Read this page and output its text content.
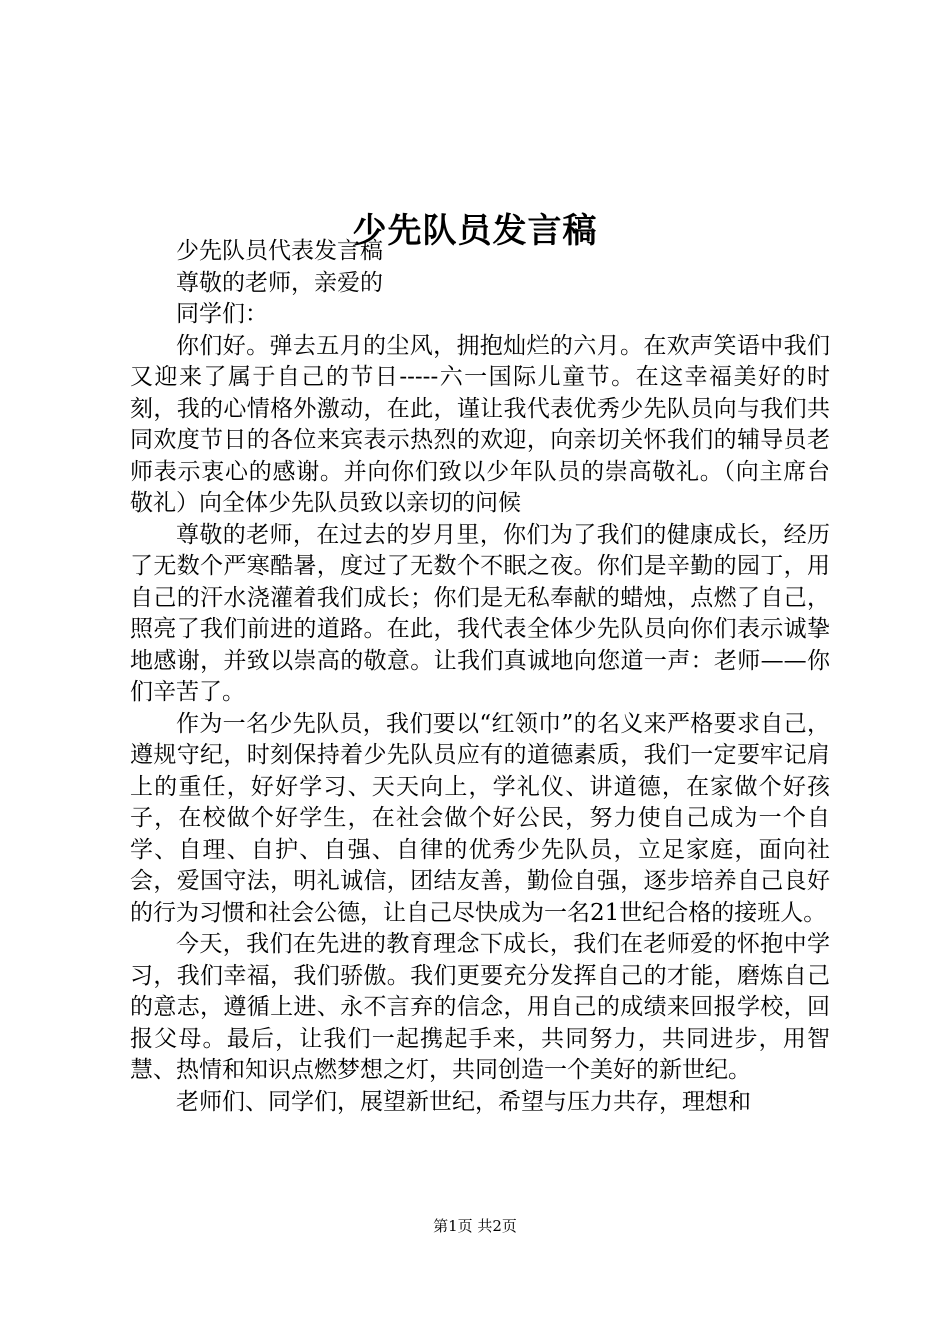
少先队员发言稿

少先队员代表发言稿

尊敬的老师，亲爱的

同学们：

你们好。弹去五月的尘风，拥抱灿烂的六月。在欢声笑语中我们又迎来了属于自己的节日-----六一国际儿童节。在这幸福美好的时刻，我的心情格外激动，在此，谨让我代表优秀少先队员向与我们共同欢度节日的各位来宾表示热烈的欢迎，向亲切关怀我们的辅导员老师表示衷心的感谢。并向你们致以少年队员的崇高敬礼。（向主席台敬礼）向全体少先队员致以亲切的问候

尊敬的老师，在过去的岁月里，你们为了我们的健康成长，经历了无数个严寒酷暑，度过了无数个不眠之夜。你们是辛勤的园丁，用自己的汗水浇灌着我们成长；你们是无私奉献的蜡烛，点燃了自己，照亮了我们前进的道路。在此，我代表全体少先队员向你们表示诚挚地感谢，并致以崇高的敬意。让我们真诚地向您道一声：老师——你们辛苦了。

作为一名少先队员，我们要以“红领巾”的名义来严格要求自己，遵规守纪，时刻保持着少先队员应有的道德素质，我们一定要牢记肩上的重任，好好学习、天天向上，学礼仪、讲道德，在家做个好孩子，在校做个好学生，在社会做个好公民，努力使自己成为一个自学、自理、自护、自强、自律的优秀少先队员，立足家庭，面向社会，爱国守法，明礼诚信，团结友善，勤俭自强，逐步培养自己良好的行为习惯和社会公德，让自己尽快成为一名21世纪合格的接班人。

今天，我们在先进的教育理念下成长，我们在老师爱的怀抱中学习，我们幸福，我们骄傲。我们更要充分发挥自己的才能，磨炼自己的意志，遵循上进、永不言弃的信念，用自己的成绩来回报学校，回报父母。最后，让我们一起携起手来，共同努力，共同进步，用智慧、热情和知识点燃梦想之灯，共同创造一个美好的新世纪。

老师们、同学们，展望新世纪，希望与压力共存，理想和

第1页 共2页
